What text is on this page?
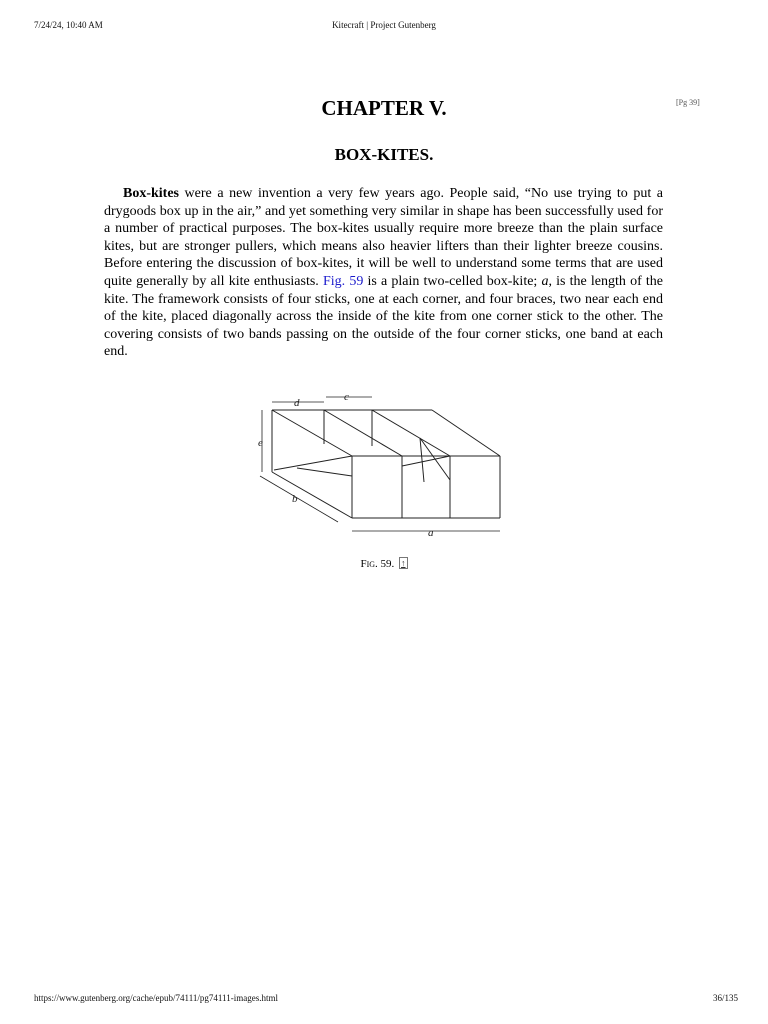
7/24/24, 10:40 AM	Kitecraft | Project Gutenberg
[Pg 39]
CHAPTER V.
BOX-KITES.

Box-kites were a new invention a very few years ago. People said, “No use trying to put a drygoods box up in the air,” and yet something very similar in shape has been successfully used for a number of practical purposes. The box-kites usually require more breeze than the plain surface kites, but are stronger pullers, which means also heavier lifters than their lighter breeze cousins. Before entering the discussion of box-kites, it will be well to understand some terms that are used quite generally by all kite enthusiasts. Fig. 59 is a plain two-celled box-kite; a, is the length of the kite. The framework consists of four sticks, one at each corner, and four braces, two near each end of the kite, placed diagonally across the inside of the kite from one corner stick to the other. The covering consists of two bands passing on the outside of the four corner sticks, one band at each end.

d	c
e
b
a
Fig. 59. ↑
https://www.gutenberg.org/cache/epub/74111/pg74111-images.html	36/135
